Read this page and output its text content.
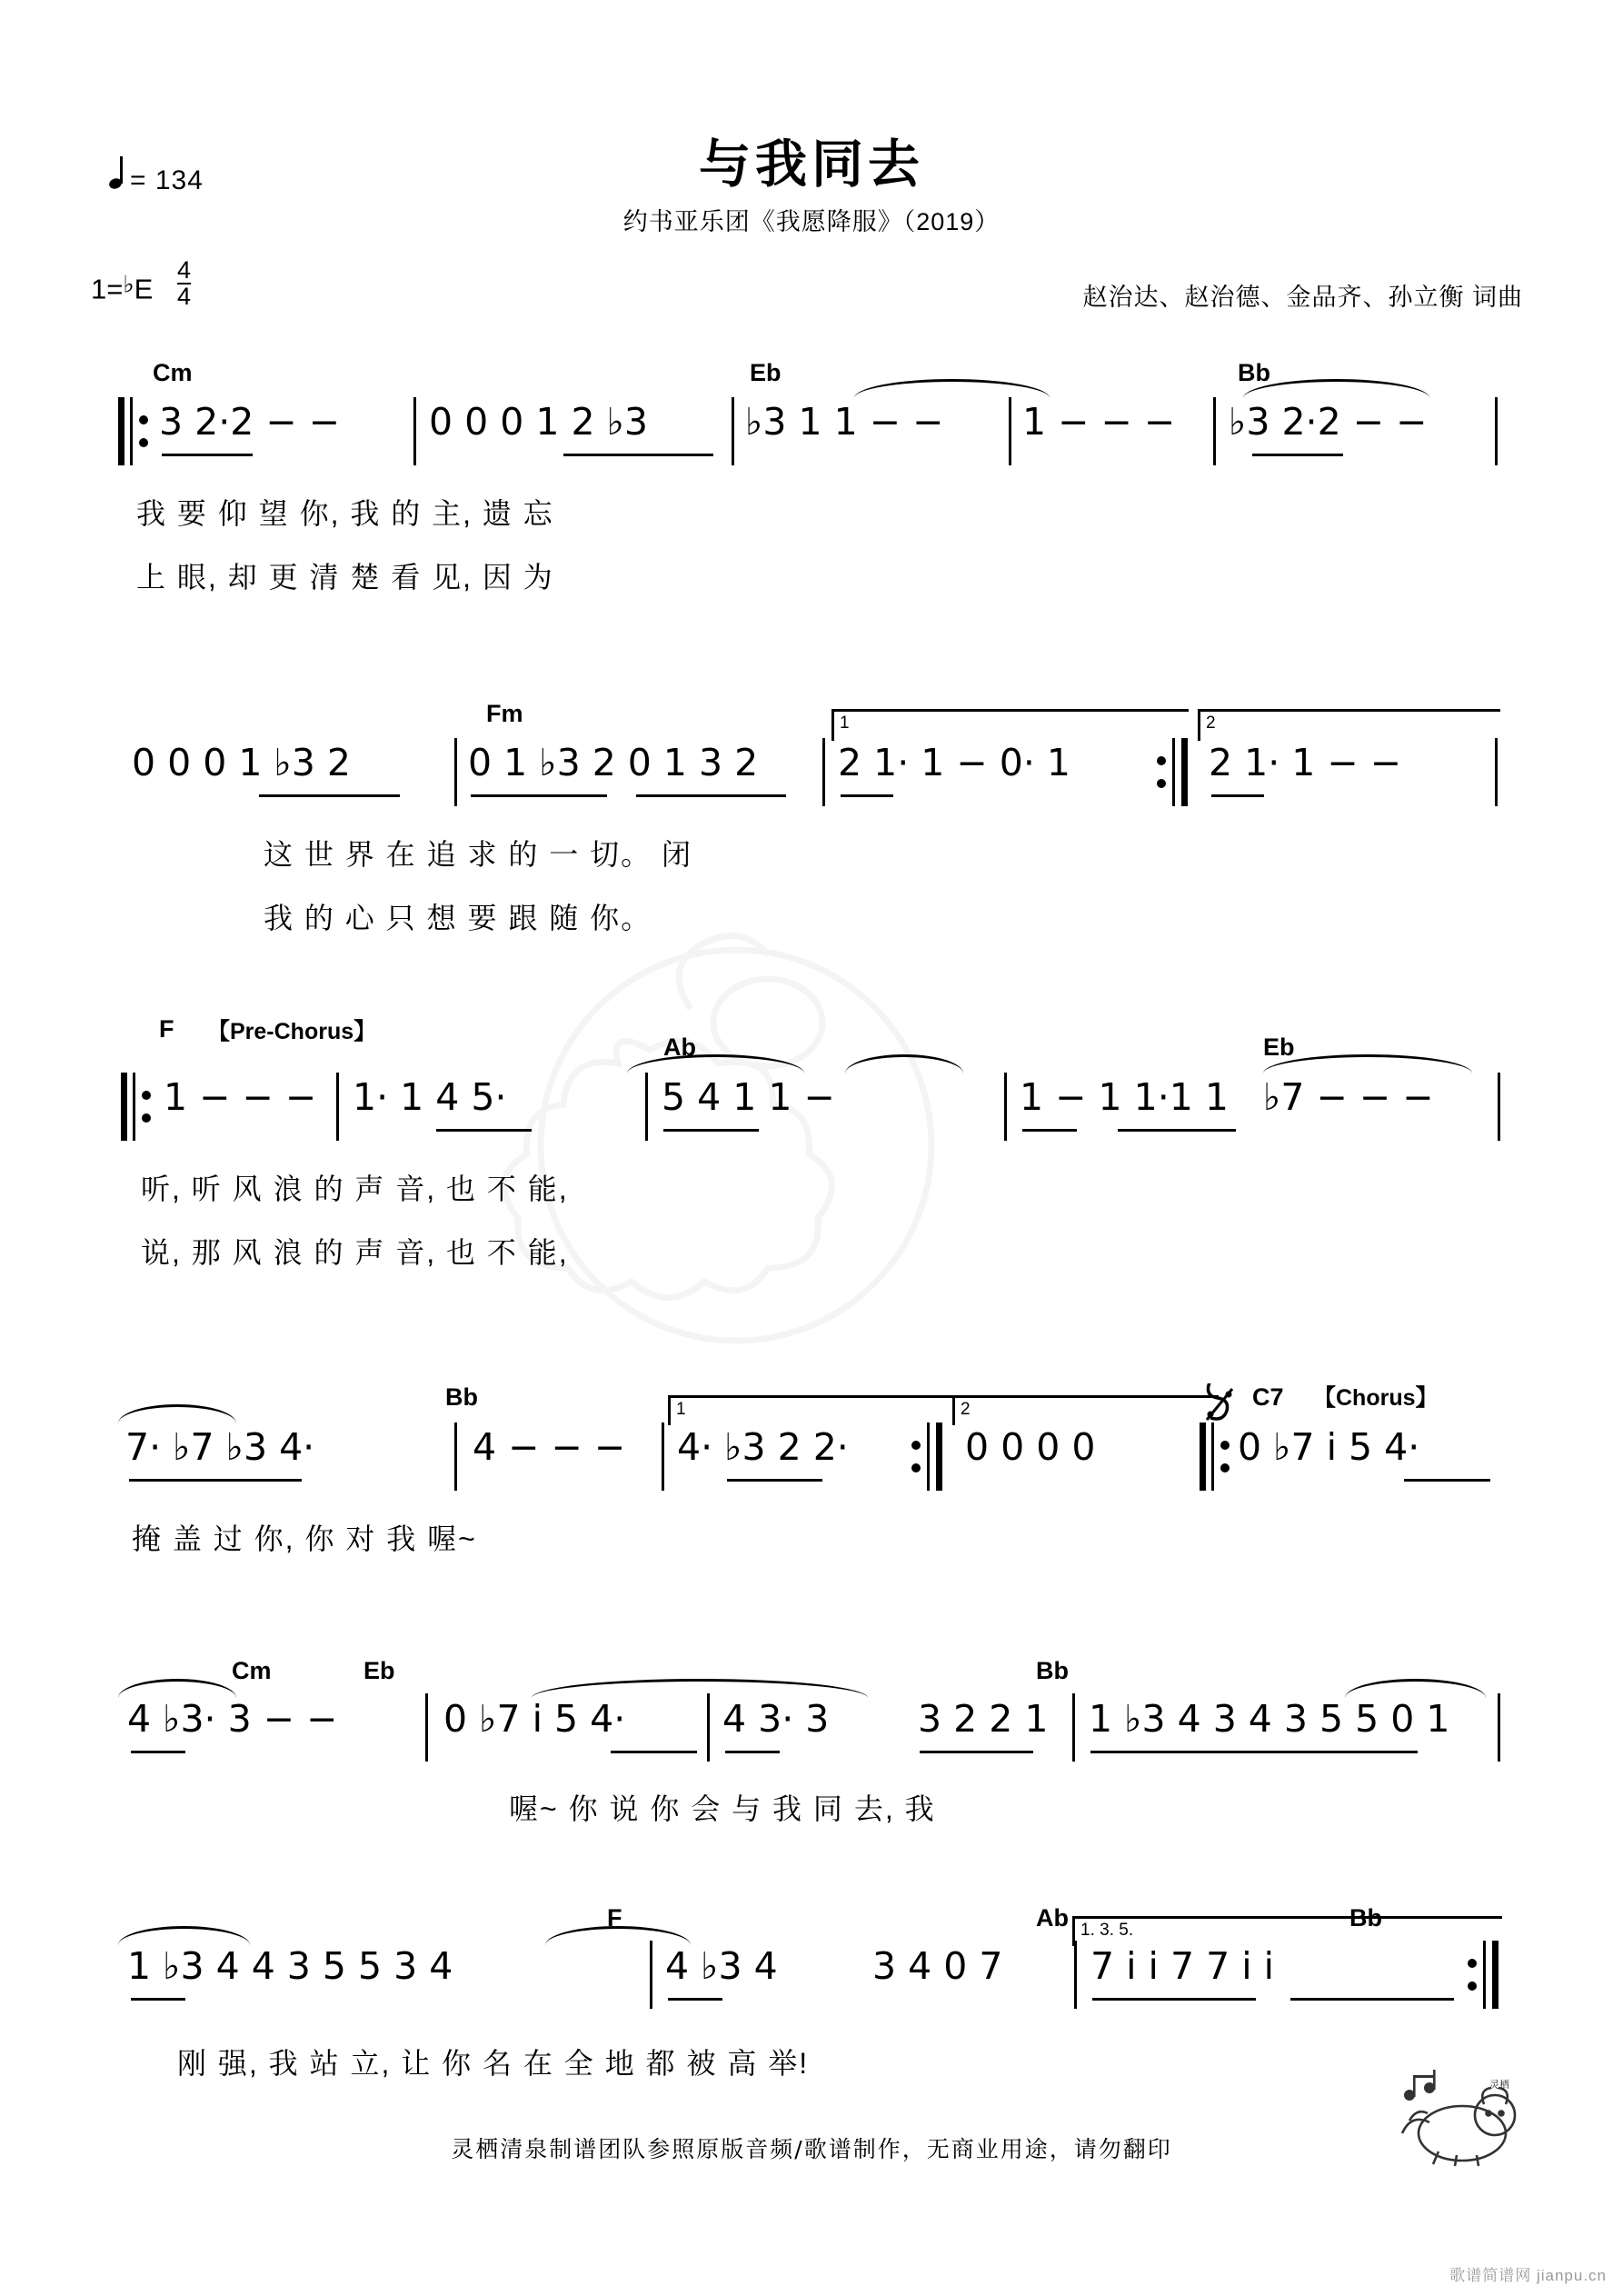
= 134
$1=^♭E \frac{4}{4}$
与我同去
约书亚乐团《我愿降服》（2019）
赵治达、赵治德、金品齐、孙立衡 词曲
Cm	Eb	Bb
3 2·2 − − 0 0 0 1 2 ♭3	♭3 1 1 − − 1 − − − ♭3 2·2 − −
我 要 仰 望 你, 我 的 主, 遗 忘
上 眼, 却 更 清 楚 看 见, 因 为
Fm
0 0 0 1 ♭3 2	0 1 ♭3 2 0 1 3 2 2 1· 1 − 0· 1
1	2
2 1· 1 − −
这 世 界 在 追 求 的 一 切。 闭
我 的 心 只 想 要 跟 随 你。
F 【Pre-Chorus】
Ab	Eb
1 − − − 1· 1 4 5·	5 4 1 1 −	1 − 1 1·1 1 ♭7 − − −
听, 听 风 浪 的 声 音, 也 不 能,
说, 那 风 浪 的 声 音, 也 不 能,
Bb	C7 【Chorus】
7· ♭7 ♭3 4·	4 − − −
1
4· ♭3 2 2·
2
0 0 0 0	0 ♭7 i 5 4·
掩 盖 过 你, 你 对 我 喔~
Cm	Eb	Bb
4 ♭3· 3 − −	0 ♭7 i 5 4·	4 3· 3 3 2 2 1 1 ♭3 4 3 4 3 5 5 0 1
喔~ 你 说 你 会 与 我 同 去, 我
F	Ab	Bb
1 ♭3 4 4 3 5 5 3 4	4 ♭3 4	3 4 0 7
1. 3. 5.
7 i i 7 7 i i
刚 强, 我 站 立, 让 你 名 在 全 地 都 被 高 举!
灵栖清泉制谱团队参照原版音频/歌谱制作，无商业用途，请勿翻印
灵栖
歌谱简谱网 jianpu.cn
